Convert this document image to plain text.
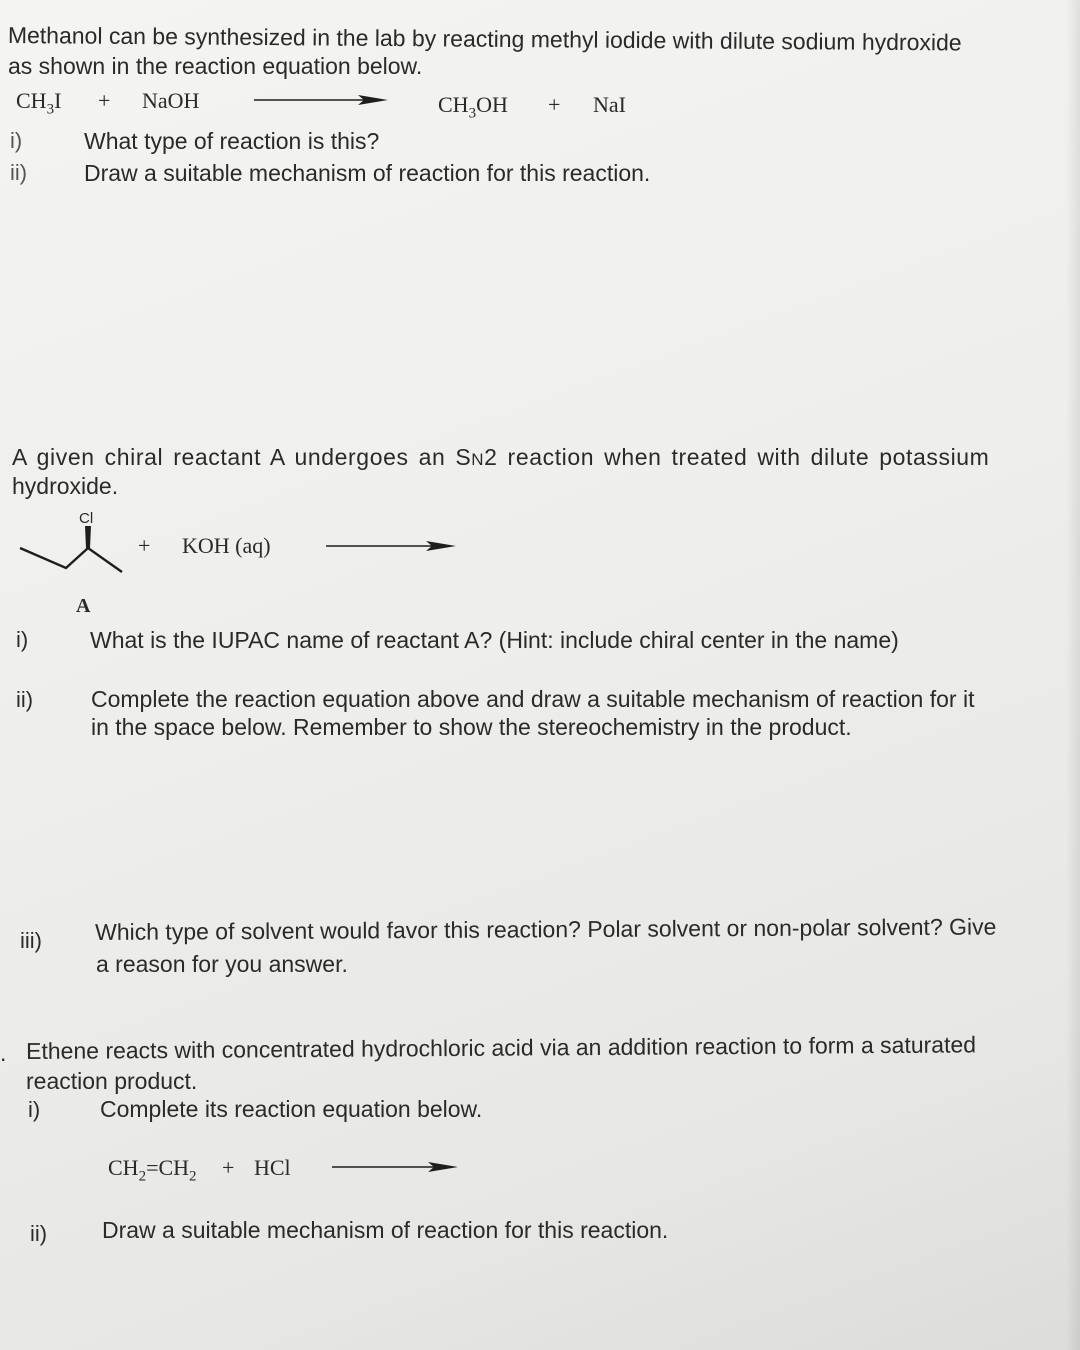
Methanol can be synthesized in the lab by reacting methyl iodide with dilute sodium hydroxide
as shown in the reaction equation below.
$CH_3I$ + NaOH	$CH_3OH$ + NaI
i)	What type of reaction is this?
ii) Draw a suitable mechanism of reaction for this reaction.
A given chiral reactant A undergoes an SN2 reaction when treated with dilute potassium
hydroxide.
Cl
A
+ KOH (aq)
i)	What is the IUPAC name of reactant A? (Hint: include chiral center in the name)
ii)	Complete the reaction equation above and draw a suitable mechanism of reaction for it
in the space below. Remember to show the stereochemistry in the product.
iii) Which type of solvent would favor this reaction? Polar solvent or non-polar solvent? Give
a reason for you answer.
. Ethene reacts with concentrated hydrochloric acid via an addition reaction to form a saturated
reaction product.
i)	Complete its reaction equation below.
$CH_2=CH_2$ + HCl
ii) Draw a suitable mechanism of reaction for this reaction.
